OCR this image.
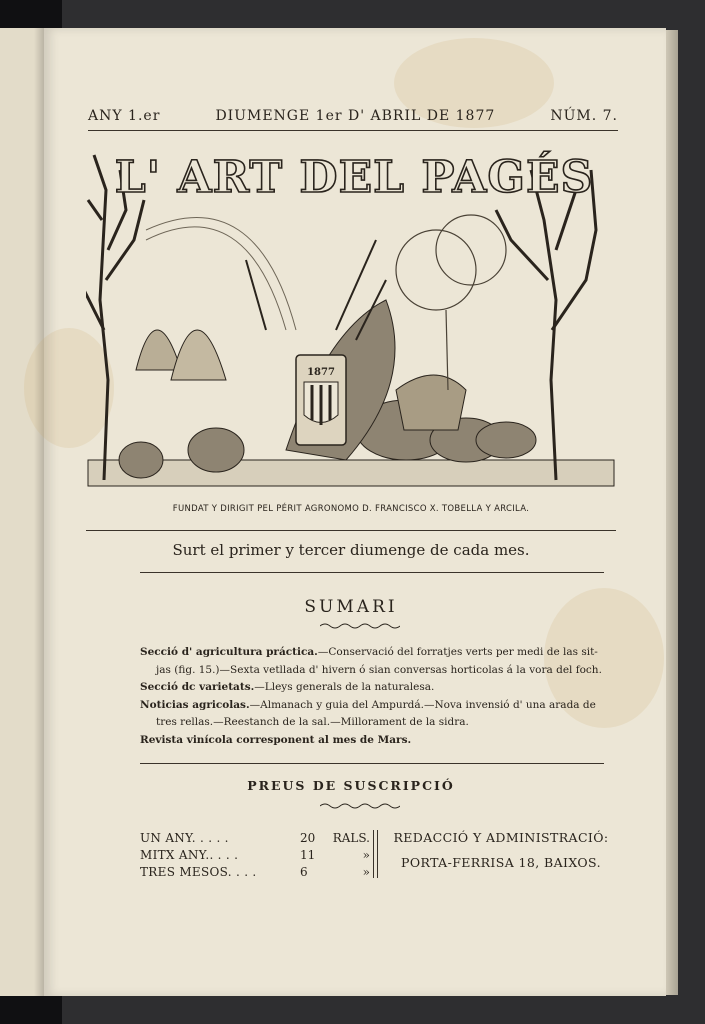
ANY 1.er	DIUMENGE 1er D' ABRIL DE 1877	NÚM. 7.
1877
L' ART DEL PAGÉS
FUNDAT Y DIRIGIT PEL PÉRIT AGRONOMO D. FRANCISCO X. TOBELLA Y ARCILA.
Surt el primer y tercer diumenge de cada mes.
SUMARI

Secció d' agricultura práctica.—Conservació del forratjes verts per medi de las sit-
jas (fig. 15.)—Sexta vetllada d' hivern ó sian conversas horticolas á la vora del foch.

Secció dc varietats.—Lleys generals de la naturalesa.

Noticias agricolas.—Almanach y guia del Ampurdá.—Nova invensió d' una arada de
tres rellas.—Reestanch de la sal.—Millorament de la sidra.

Revista vinícola corresponent al mes de Mars.

PREUS DE SUSCRIPCIÓ
UN ANY. . . . .	20 RALS.
MITX ANY.. . . .	11	»
TRES MESOS. . . .	6	»
REDACCIÓ Y ADMINISTRACIÓ:
PORTA-FERRISA 18, BAIXOS.
